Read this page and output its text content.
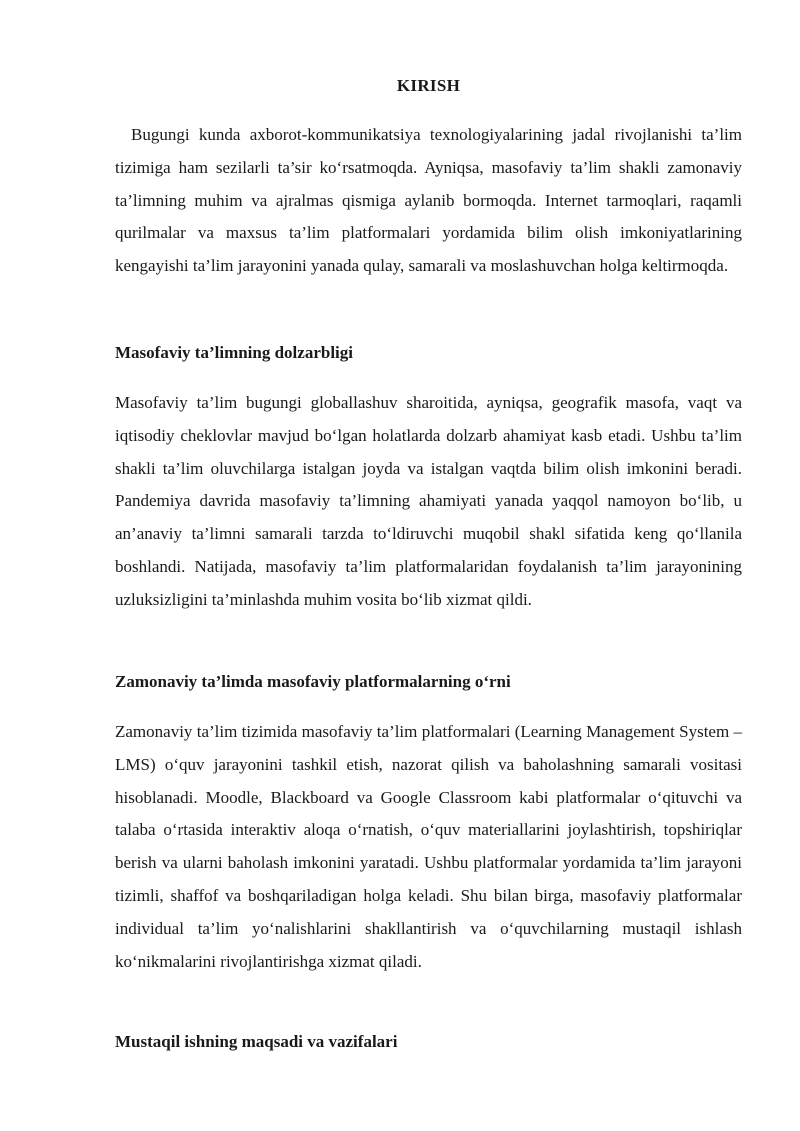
KIRISH

Bugungi kunda axborot-kommunikatsiya texnologiyalarining jadal rivojlanishi ta’lim tizimiga ham sezilarli ta’sir ko‘rsatmoqda. Ayniqsa, masofaviy ta’lim shakli zamonaviy ta’limning muhim va ajralmas qismiga aylanib bormoqda. Internet tarmoqlari, raqamli qurilmalar va maxsus ta’lim platformalari yordamida bilim olish imkoniyatlarining kengayishi ta’lim jarayonini yanada qulay, samarali va moslashuvchan holga keltirmoqda.

Masofaviy ta’limning dolzarbligi

Masofaviy ta’lim bugungi globallashuv sharoitida, ayniqsa, geografik masofa, vaqt va iqtisodiy cheklovlar mavjud bo‘lgan holatlarda dolzarb ahamiyat kasb etadi. Ushbu ta’lim shakli ta’lim oluvchilarga istalgan joyda va istalgan vaqtda bilim olish imkonini beradi. Pandemiya davrida masofaviy ta’limning ahamiyati yanada yaqqol namoyon bo‘lib, u an’anaviy ta’limni samarali tarzda to‘ldiruvchi muqobil shakl sifatida keng qo‘llanila boshlandi. Natijada, masofaviy ta’lim platformalaridan foydalanish ta’lim jarayonining uzluksizligini ta’minlashda muhim vosita bo‘lib xizmat qildi.

Zamonaviy ta’limda masofaviy platformalarning o‘rni

Zamonaviy ta’lim tizimida masofaviy ta’lim platformalari (Learning Management System – LMS) o‘quv jarayonini tashkil etish, nazorat qilish va baholashning samarali vositasi hisoblanadi. Moodle, Blackboard va Google Classroom kabi platformalar o‘qituvchi va talaba o‘rtasida interaktiv aloqa o‘rnatish, o‘quv materiallarini joylashtirish, topshiriqlar berish va ularni baholash imkonini yaratadi. Ushbu platformalar yordamida ta’lim jarayoni tizimli, shaffof va boshqariladigan holga keladi. Shu bilan birga, masofaviy platformalar individual ta’lim yo‘nalishlarini shakllantirish va o‘quvchilarning mustaqil ishlash ko‘nikmalarini rivojlantirishga xizmat qiladi.

Mustaqil ishning maqsadi va vazifalari
